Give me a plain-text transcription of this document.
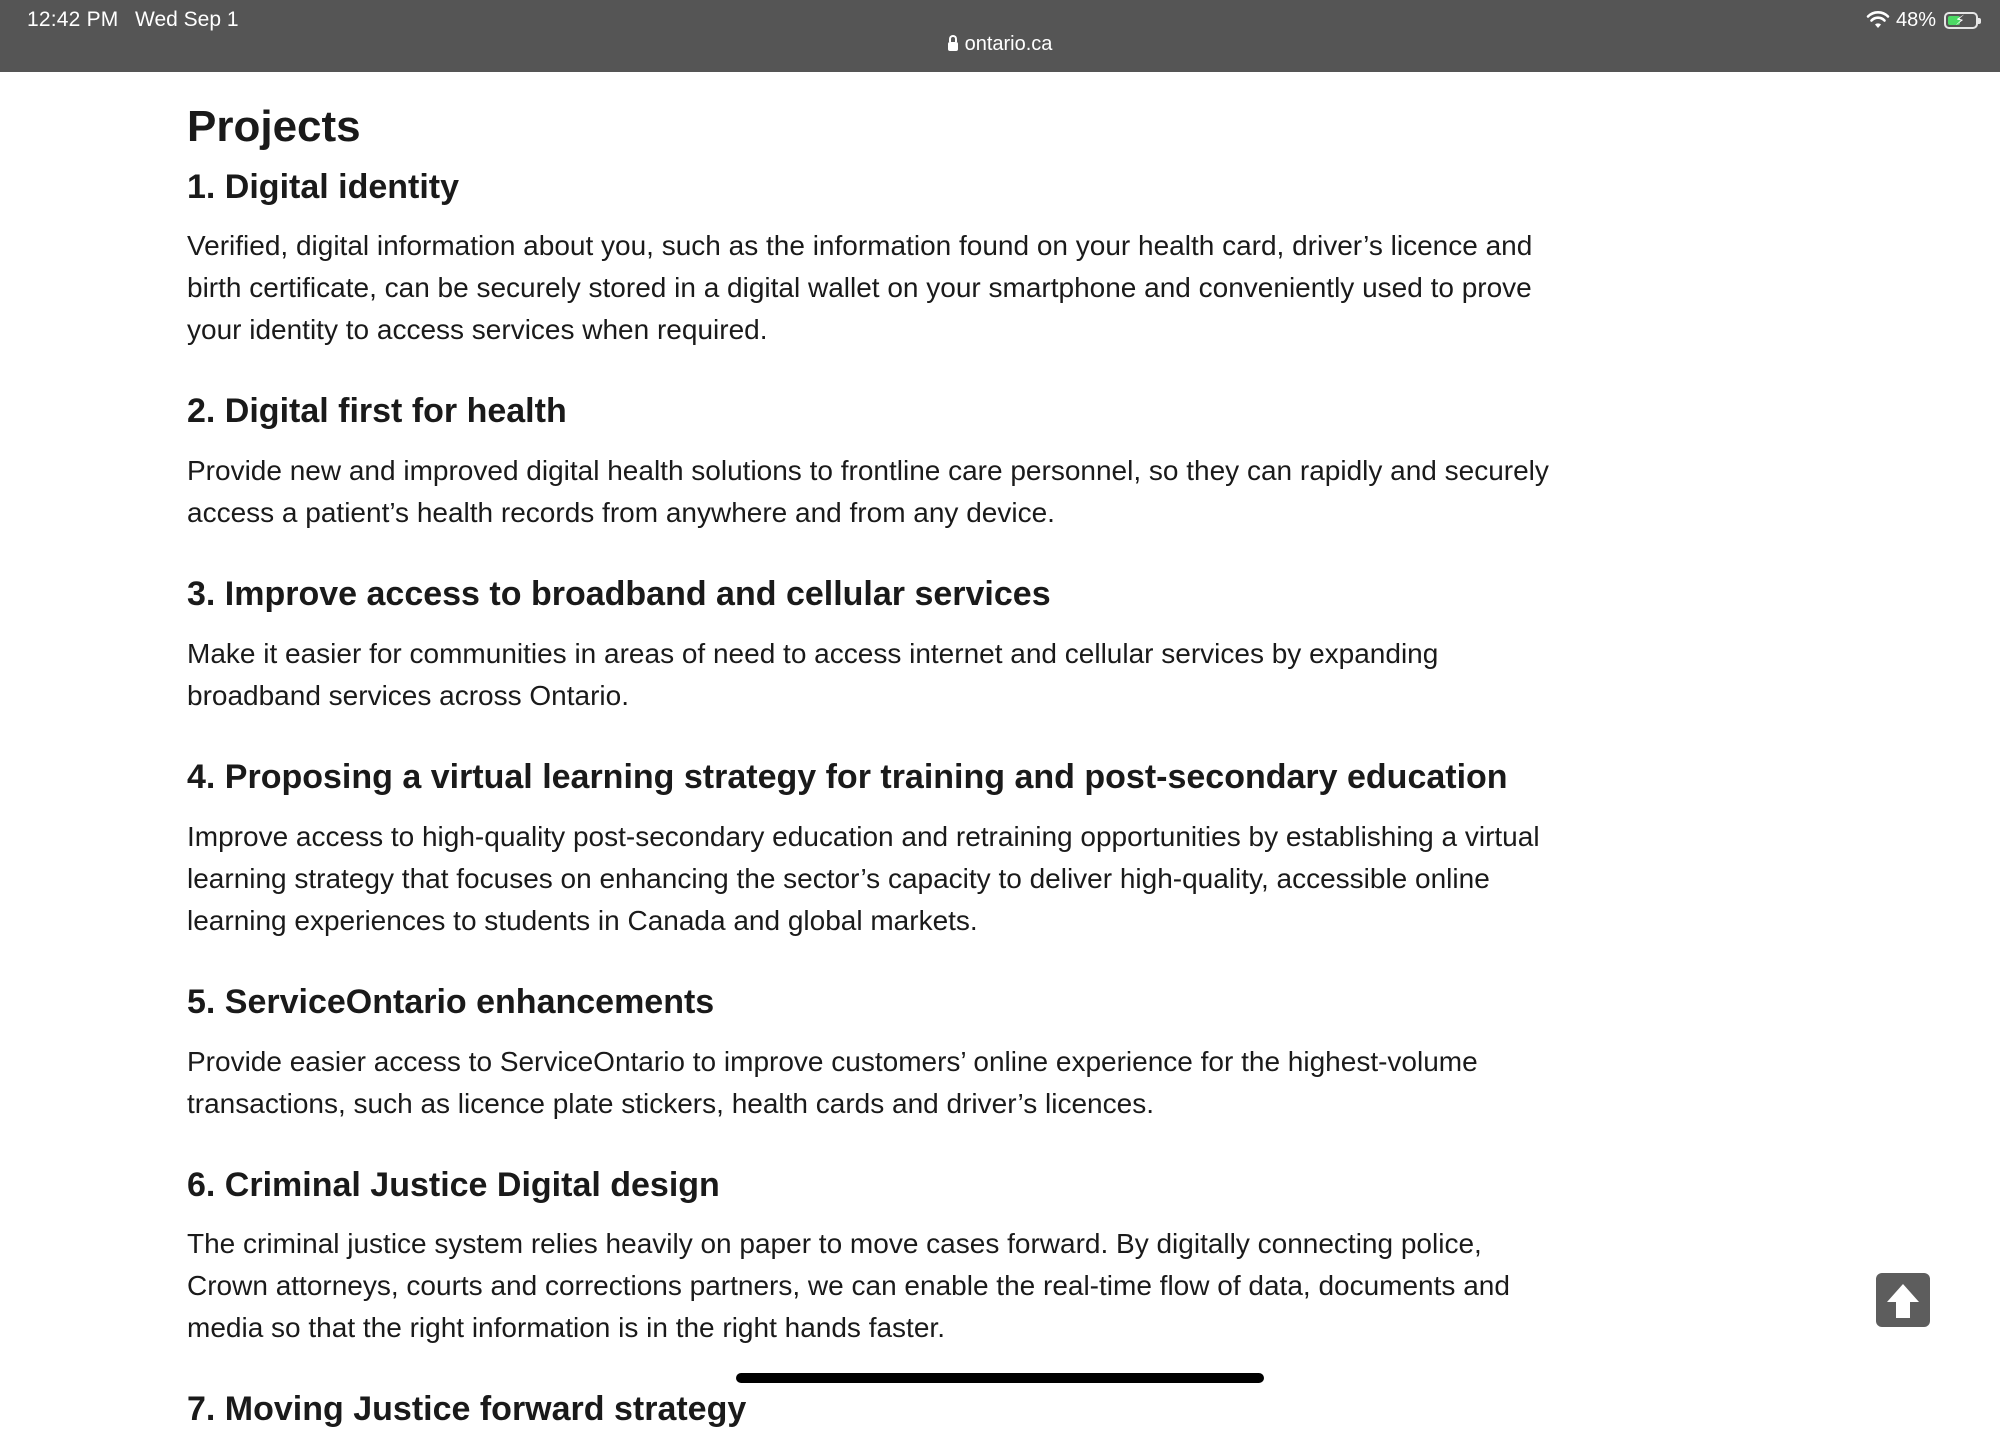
12:42 PM Wed Sep 1
ontario.ca
48% ⚡
Projects
1. Digital identity

Verified, digital information about you, such as the information found on your health card, driver’s licence and birth certificate, can be securely stored in a digital wallet on your smartphone and conveniently used to prove your identity to access services when required.

2. Digital first for health

Provide new and improved digital health solutions to frontline care personnel, so they can rapidly and securely access a patient’s health records from anywhere and from any device.

3. Improve access to broadband and cellular services

Make it easier for communities in areas of need to access internet and cellular services by expanding broadband services across Ontario.

4. Proposing a virtual learning strategy for training and post-secondary education

Improve access to high-quality post-secondary education and retraining opportunities by establishing a virtual learning strategy that focuses on enhancing the sector’s capacity to deliver high-quality, accessible online learning experiences to students in Canada and global markets.

5. ServiceOntario enhancements

Provide easier access to ServiceOntario to improve customers’ online experience for the highest-volume transactions, such as licence plate stickers, health cards and driver’s licences.

6. Criminal Justice Digital design

The criminal justice system relies heavily on paper to move cases forward. By digitally connecting police, Crown attorneys, courts and corrections partners, we can enable the real-time flow of data, documents and media so that the right information is in the right hands faster.

7. Moving Justice forward strategy
